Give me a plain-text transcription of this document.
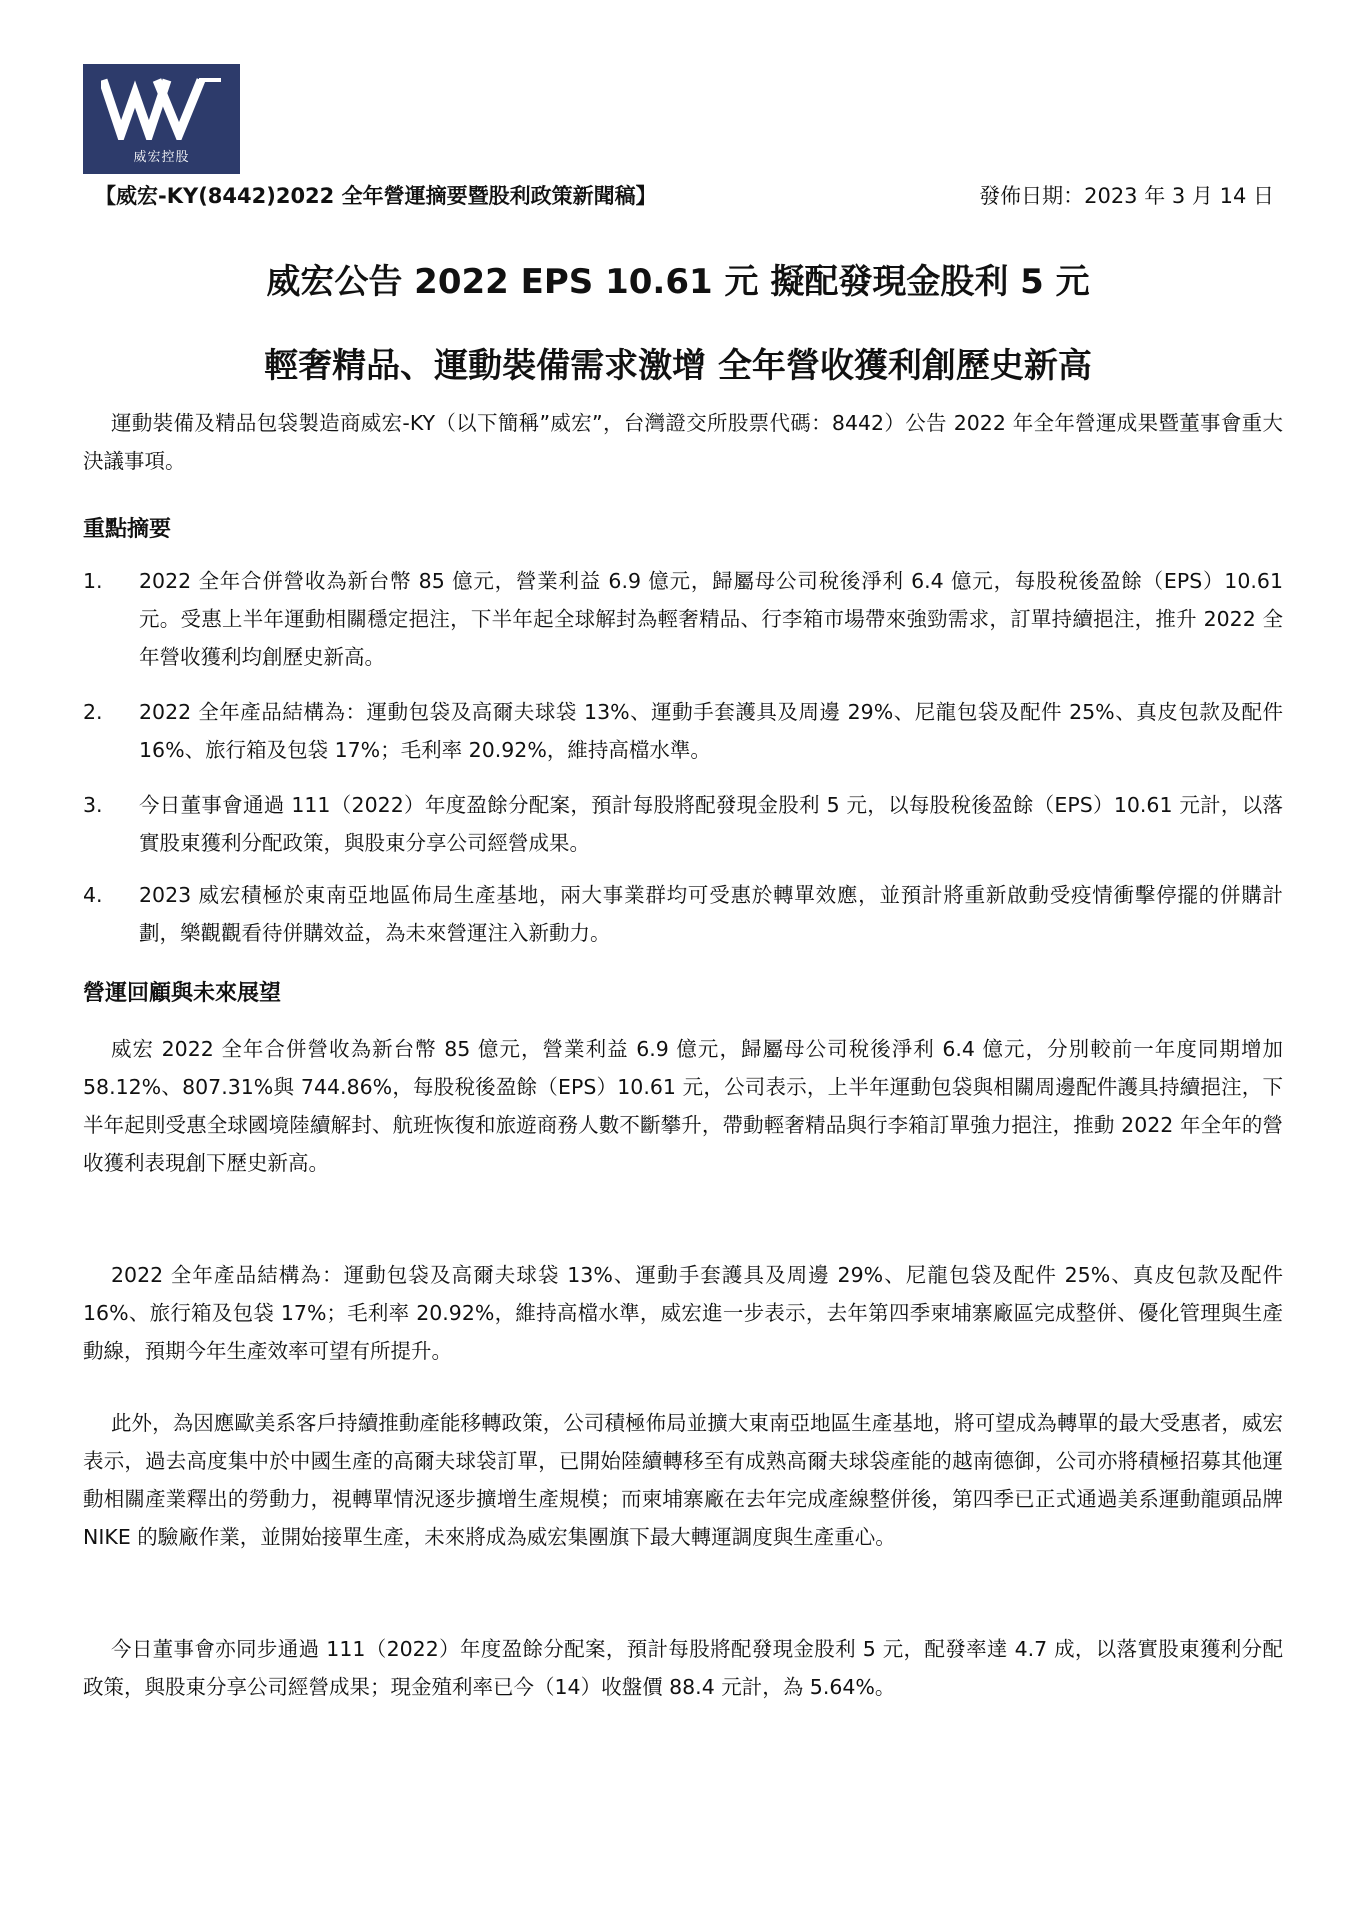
威宏控股
【威宏-KY(8442)2022 全年營運摘要暨股利政策新聞稿】	發佈日期：2023 年 3 月 14 日
威宏公告 2022 EPS 10.61 元 擬配發現金股利 5 元
輕奢精品、運動裝備需求激增 全年營收獲利創歷史新高
運動裝備及精品包袋製造商威宏-KY（以下簡稱”威宏”，台灣證交所股票代碼：8442）公告 2022 年全年營運成果暨董事會重大決議事項。
重點摘要
1. 2022 全年合併營收為新台幣 85 億元，營業利益 6.9 億元，歸屬母公司稅後淨利 6.4 億元，每股稅後盈餘（EPS）10.61 元。受惠上半年運動相關穩定挹注，下半年起全球解封為輕奢精品、行李箱市場帶來強勁需求，訂單持續挹注，推升 2022 全年營收獲利均創歷史新高。
2. 2022 全年產品結構為：運動包袋及高爾夫球袋 13%、運動手套護具及周邊 29%、尼龍包袋及配件 25%、真皮包款及配件 16%、旅行箱及包袋 17%；毛利率 20.92%，維持高檔水準。
3. 今日董事會通過 111（2022）年度盈餘分配案，預計每股將配發現金股利 5 元，以每股稅後盈餘（EPS）10.61 元計，以落實股東獲利分配政策，與股東分享公司經營成果。
4. 2023 威宏積極於東南亞地區佈局生產基地，兩大事業群均可受惠於轉單效應，並預計將重新啟動受疫情衝擊停擺的併購計劃，樂觀觀看待併購效益，為未來營運注入新動力。
營運回顧與未來展望
威宏 2022 全年合併營收為新台幣 85 億元，營業利益 6.9 億元，歸屬母公司稅後淨利 6.4 億元，分別較前一年度同期增加 58.12%、807.31%與 744.86%，每股稅後盈餘（EPS）10.61 元，公司表示，上半年運動包袋與相關周邊配件護具持續挹注，下半年起則受惠全球國境陸續解封、航班恢復和旅遊商務人數不斷攀升，帶動輕奢精品與行李箱訂單強力挹注，推動 2022 年全年的營收獲利表現創下歷史新高。
2022 全年產品結構為：運動包袋及高爾夫球袋 13%、運動手套護具及周邊 29%、尼龍包袋及配件 25%、真皮包款及配件 16%、旅行箱及包袋 17%；毛利率 20.92%，維持高檔水準，威宏進一步表示，去年第四季柬埔寨廠區完成整併、優化管理與生產動線，預期今年生產效率可望有所提升。
此外，為因應歐美系客戶持續推動產能移轉政策，公司積極佈局並擴大東南亞地區生產基地，將可望成為轉單的最大受惠者，威宏表示，過去高度集中於中國生產的高爾夫球袋訂單，已開始陸續轉移至有成熟高爾夫球袋產能的越南德御，公司亦將積極招募其他運動相關產業釋出的勞動力，視轉單情況逐步擴增生產規模；而柬埔寨廠在去年完成產線整併後，第四季已正式通過美系運動龍頭品牌 NIKE 的驗廠作業，並開始接單生產，未來將成為威宏集團旗下最大轉運調度與生產重心。
今日董事會亦同步通過 111（2022）年度盈餘分配案，預計每股將配發現金股利 5 元，配發率達 4.7 成，以落實股東獲利分配政策，與股東分享公司經營成果；現金殖利率已今（14）收盤價 88.4 元計，為 5.64%。
